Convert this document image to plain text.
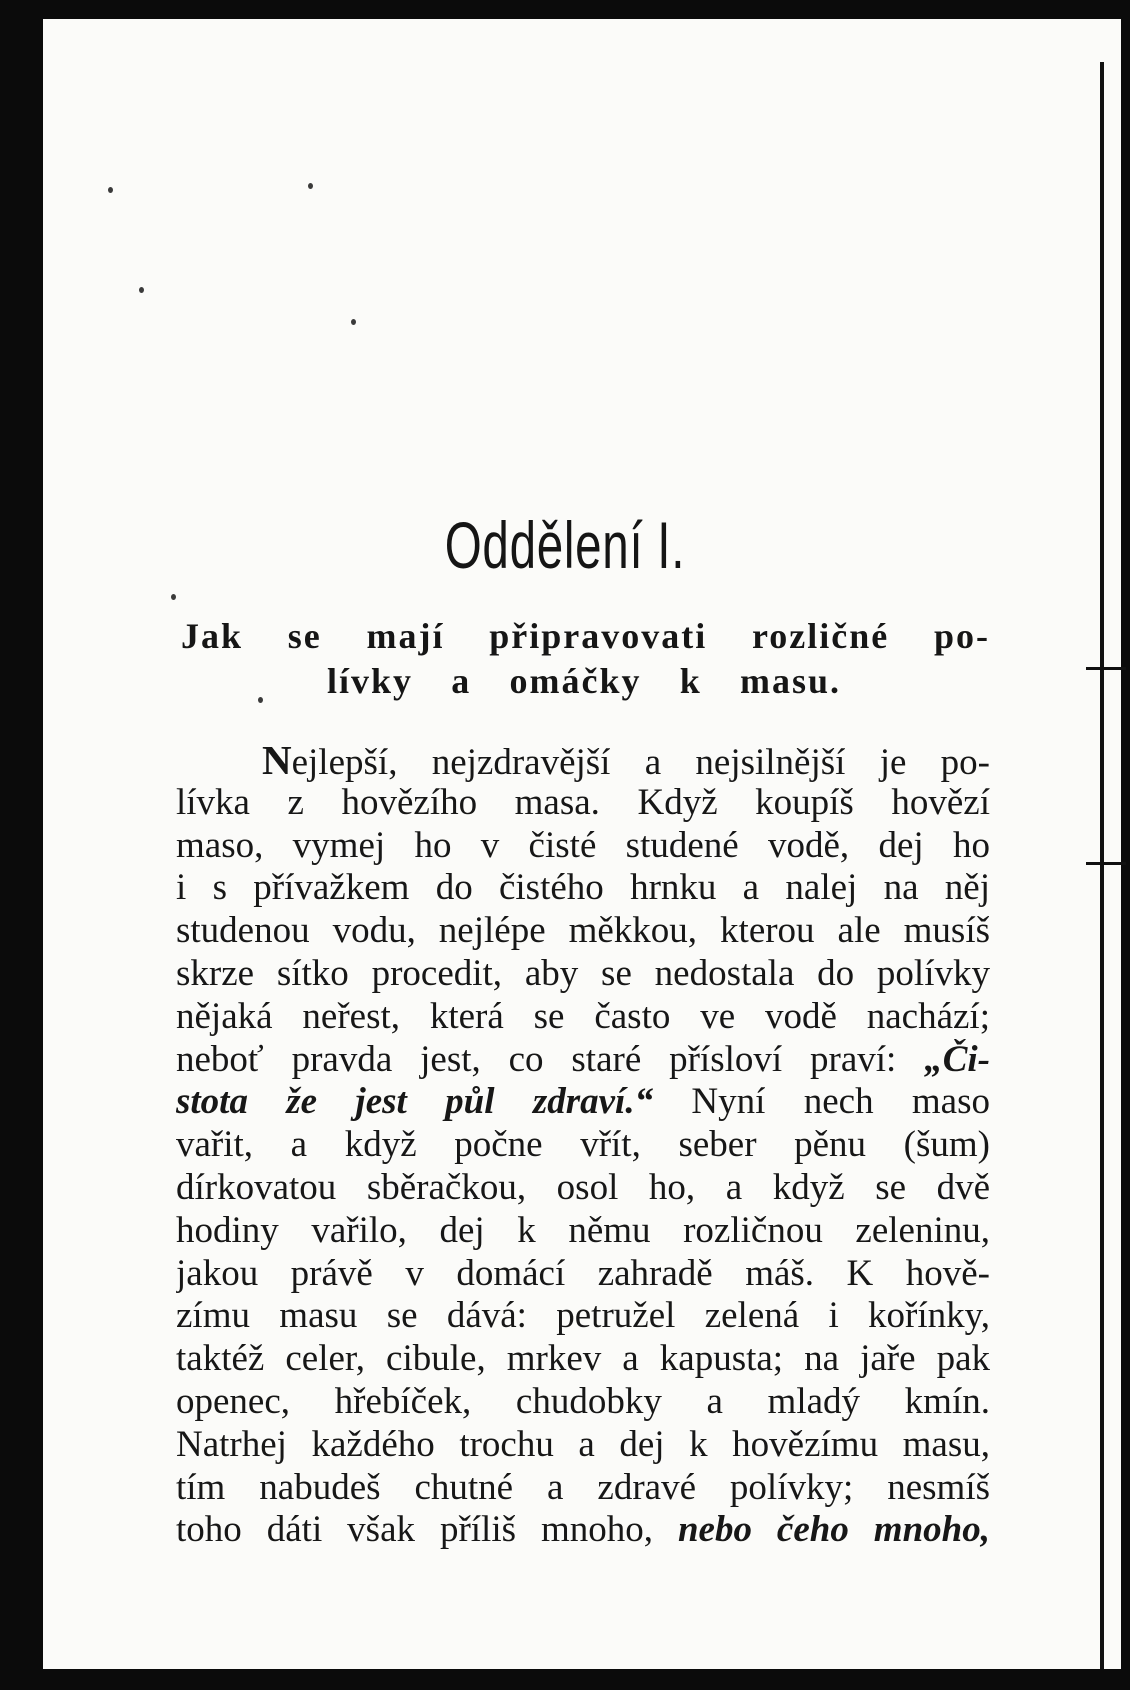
Oddělení I.
Jak se mají připravovati rozličné po-
lívky a omáčky k masu.
Nejlepší, nejzdravější a nejsilnější je po-
lívka z hovězího masa. Když koupíš hovězí
maso, vymej ho v čisté studené vodě, dej ho
i s přívažkem do čistého hrnku a nalej na něj
studenou vodu, nejlépe měkkou, kterou ale musíš
skrze sítko procedit, aby se nedostala do polívky
nějaká neřest, která se často ve vodě nachází;
neboť pravda jest, co staré přísloví praví: „Či-
stota že jest půl zdraví.“ Nyní nech maso
vařit, a když počne vřít, seber pěnu (šum)
dírkovatou sběračkou, osol ho, a když se dvě
hodiny vařilo, dej k němu rozličnou zeleninu,
jakou právě v domácí zahradě máš. K hově-
zímu masu se dává: petružel zelená i kořínky,
taktéž celer, cibule, mrkev a kapusta; na jaře pak
openec, hřebíček, chudobky a mladý kmín.
Natrhej každého trochu a dej k hovězímu masu,
tím nabudeš chutné a zdravé polívky; nesmíš
toho dáti však příliš mnoho, nebo čeho mnoho,
